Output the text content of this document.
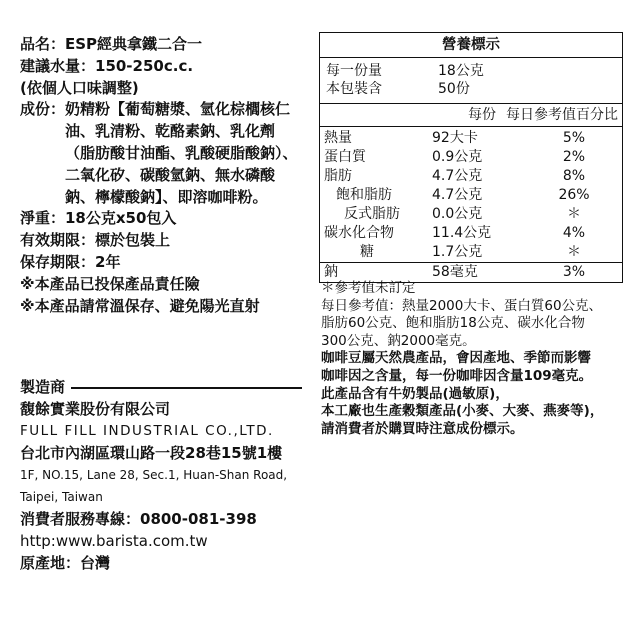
品名：ESP經典拿鐵二合一
建議水量：150-250c.c.
(依個人口味調整)
成份： 奶精粉【葡萄糖漿、氫化棕櫚核仁油、乳清粉、乾酪素鈉、乳化劑（脂肪酸甘油酯、乳酸硬脂酸鈉）、二氧化矽、碳酸氫鈉、無水磷酸鈉、檸檬酸鈉】、即溶咖啡粉。
淨重：18公克x50包入
有效期限：標於包裝上
保存期限：2年
※本產品已投保產品責任險
※本產品請常溫保存、避免陽光直射
製造商
馥餘實業股份有限公司
FULL FILL INDUSTRIAL CO.,LTD.
台北市內湖區環山路一段28巷15號1樓
1F, NO.15, Lane 28, Sec.1, Huan-Shan Road,
Taipei, Taiwan
消費者服務專線：0800-081-398
http:www.barista.com.tw
原產地：台灣
營養標示
每一份量	18公克
本包裝含	50份
每份 每日參考值百分比
熱量	92大卡	5%
蛋白質	0.9公克	2%
脂肪	4.7公克	8%
飽和脂肪	4.7公克	26%
反式脂肪	0.0公克	＊
碳水化合物	11.4公克	4%
糖	1.7公克	＊
鈉	58毫克	3%
＊參考值未訂定
每日參考值：熱量2000大卡、蛋白質60公克、
脂肪60公克、飽和脂肪18公克、碳水化合物
300公克、鈉2000毫克。
咖啡豆屬天然農產品，會因產地、季節而影響
咖啡因之含量，每一份咖啡因含量109毫克。
此產品含有牛奶製品(過敏原)，
本工廠也生產穀類產品(小麥、大麥、燕麥等)，
請消費者於購買時注意成份標示。
